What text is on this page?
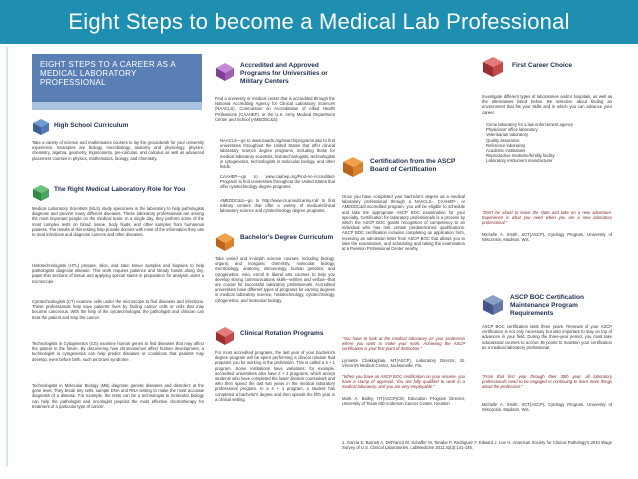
Eight Steps to become a Medical Lab Professional
EIGHT STEPS TO A CAREER AS A MEDICAL LABORATORY PROFESSIONAL
High School Curriculum
Take a variety of science and mathematics courses to lay the groundwork for your university experience. Examples are biology, microbiology, anatomy and physiology, physics, chemistry, algebra, geometry, trigonometry, pre-calculus, and calculus as well as advanced placement courses in physics, mathematics, biology, and chemistry.
The Right Medical Laboratory Role for You
Medical Laboratory Scientists (MLS) study specimens in the laboratory to help pathologists diagnose and prevent many different diseases. These laboratory professionals are among the most important people on the medical team. In a single day, they perform some of the most complex tests on blood, tissue, body fluids, and other samples from humanous patients. The results of this testing help provide doctors with most of the information they use to treat infections and diagnose cancers and other diseases.
Histotechnologists (HTL) prepare, slice, and stain tissue samples and biopsies to help pathologists diagnose disease. This work requires patience and steady hands along tiny, paper-thin sections of tissue and applying special stains in preparation for analysis under a microscope.
Cytotechnologists (CT) examine cells under the microscope to find diseases and infections. These professionals help save patients' lives by finding cancer cells or cells that may become cancerous. With the help of the cytotechnologist, the pathologist and clinician can treat the patient and stop the cancer.
Technologists in Cytogenetics (CG) examine human genes to find diseases that may affect the patient in the future. By discovering how chromosomes affect human development, a technologist in cytogenetics can help predict diseases or conditions that patients may develop, even before birth, such as Down syndrome.
Technologists in Molecular Biology (MB) diagnose genetic diseases and disorders at the gene level. They break tiny cells, sample DNA and RNA testing to make the most accurate diagnosis of a disease. For example, the tests can be a technologist in molecular biology can help the pathologist and oncologist pinpoint the most effective chemotherapy for treatment of a particular type of cancer.
Accredited and Approved Programs for Universities or Military Centers
Find a university or medical center that is accredited through the National Accrediting Agency for Clinical Laboratory Sciences (NAACLS), Commission on Accreditation of Allied Health Professions (CAAHEP), or the U.S. Army Medical Department Center and School (AMEDDC&S).
NAACLS—go to www.naacls.org/search/programs.asp to find universities throughout the United States that offer clinical laboratory science degree programs, including those for medical laboratory scientists, histotechnologists, technologists in cytogenetics, technologists in molecular biology, and other fields.
CAAHEP—go to www.caahep.org/Find-An-Accredited-Program/ to find universities throughout the United States that offer cytotechnology degree programs.
AMEDDC&S—go to http://www.cs.amedd.army.mil/ to find military centers that offer a variety of medical/clinical laboratory science and cytotechnology degree programs.
Bachelor's Degree Curriculum
Take varied and in-depth science courses, including biology, organic and inorganic chemistry, molecular biology, microbiology, anatomy, immunology, human genetics, and cytogenetics. Also, enroll in liberal arts courses to help you develop strong communications skills—written and verbal—that are crucial for successful laboratory professionals. Accredited universities have different types of programs for earning degrees in medical laboratory science, histotechnology, cytotechnology, cytogenetics, and molecular biology.
Clinical Rotation Programs
For most accredited programs, the last year of your bachelor's degree program will be spent performing a clinical rotation that prepares you for working in the profession. This is called a 3 + 1 program. Some institutions have variations; for example, accredited universities also have 2 + 2 programs, which accept students who have completed the lower division coursework and who then spend the last two years in the medical laboratory professional program. In a 4 + 1 program, a student has completed a bachelor's degree and then spends the fifth year in a clinical setting.
Certification from the ASCP Board of Certification
Once you have completed your bachelor's degree as a medical laboratory professional through a NAACLS-, CAAHEP-, or AMEDDC&S-accredited program, you will be eligible to schedule and take the appropriate ASCP BOC examination for your specialty. Certification for laboratory professionals is a process by which the ASCP BOC grants recognition of competency to an individual who has met certain predetermined qualifications. ASCP BOC certification includes completing an application form, receiving an admission letter from ASCP BOC that allows you to take the examination, and scheduling and taking the examination at a Pearson Professional Center nearby.
"You have to look at the medical laboratory as your profession where you want to make your mark. Achieving the ASCP certification is your first point of distinction."
Lynnette Chakkaphak, MT(ASCP), Laboratory Director, St. Vincent's Medical Center, Jacksonville, Fla.
"When you have an ASCP BOC certification on your resume, you have a stamp of approval. You are fully qualified to work in a medical laboratory, and you are very employable."
Mark A. Bailey, HT(ASCP)CM, Education Program Director, University of Texas MD Anderson Cancer Center, Houston
First Career Choice
Investigate different types of laboratories and/or hospitals, as well as the alternatives listed below. Be selective about finding an environment that fits your skills and in which you can advance your career.
Crime laboratory for a law enforcement agency
Physicians' office laboratory
Veterinarian laboratory
Quality assurance
Reference laboratory
Academic institutions
Reproductive medicine/fertility facility
Laboratory instrument manufacturer
"Don't be afraid to leave the state and take on a new adventure. Experience is what you need when you are a new laboratory professional."
Michelle A. Smith, SCT(ASCP), Cytology Program, University of Wisconsin, Madison, Wis.
ASCP BOC Certification Maintenance Program Requirements
ASCP BOC certification lasts three years. Renewal of your ASCP certification is not only necessary but also important to stay on top of advances in your field. During the three-year period, you must take educational courses to accrue 36 points to maintain your certification as a medical laboratory professional.
"From that first year through their 30th year, all laboratory professionals need to be engaged in continuing to learn more things about the profession."
Michelle A. Smith, SCT(ASCP), Cytology Program, University of Wisconsin, Madison, Wis.
1. Garcia E, Barnett A, DeFranco M, Schaffer M, Tanabe P, Rodriguez F, Edward J, Lee H. American Society for Clinical Pathology's 2010 Wage Survey of U.S. Clinical Laboratories. LabMedicine 2011;42(3):141-146.
